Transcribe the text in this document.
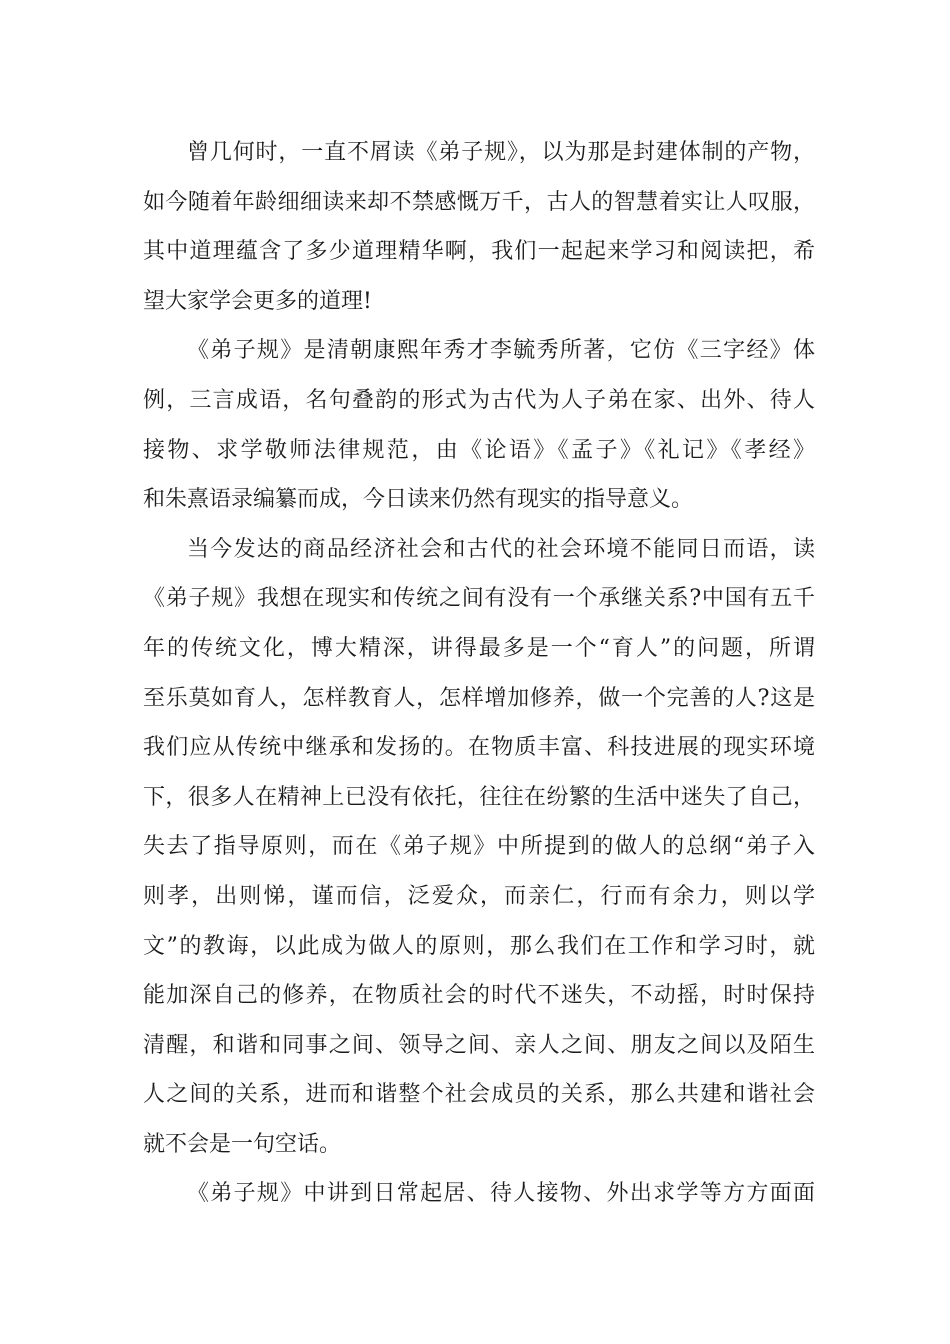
曾几何时，一直不屑读《弟子规》，以为那是封建体制的产物，
如今随着年龄细细读来却不禁感慨万千，古人的智慧着实让人叹服，
其中道理蕴含了多少道理精华啊，我们一起起来学习和阅读把，希
望大家学会更多的道理!
《弟子规》是清朝康熙年秀才李毓秀所著，它仿《三字经》体
例，三言成语，名句叠韵的形式为古代为人子弟在家、出外、待人
接物、求学敬师法律规范，由《论语》《孟子》《礼记》《孝经》
和朱熹语录编纂而成，今日读来仍然有现实的指导意义。
当今发达的商品经济社会和古代的社会环境不能同日而语，读
《弟子规》我想在现实和传统之间有没有一个承继关系?中国有五千
年的传统文化，博大精深，讲得最多是一个“育人”的问题，所谓
至乐莫如育人，怎样教育人，怎样增加修养，做一个完善的人?这是
我们应从传统中继承和发扬的。在物质丰富、科技进展的现实环境
下，很多人在精神上已没有依托，往往在纷繁的生活中迷失了自己，
失去了指导原则，而在《弟子规》中所提到的做人的总纲“弟子入
则孝，出则悌，谨而信，泛爱众，而亲仁，行而有余力，则以学
文”的教诲，以此成为做人的原则，那么我们在工作和学习时，就
能加深自己的修养，在物质社会的时代不迷失，不动摇，时时保持
清醒，和谐和同事之间、领导之间、亲人之间、朋友之间以及陌生
人之间的关系，进而和谐整个社会成员的关系，那么共建和谐社会
就不会是一句空话。
《弟子规》中讲到日常起居、待人接物、外出求学等方方面面
